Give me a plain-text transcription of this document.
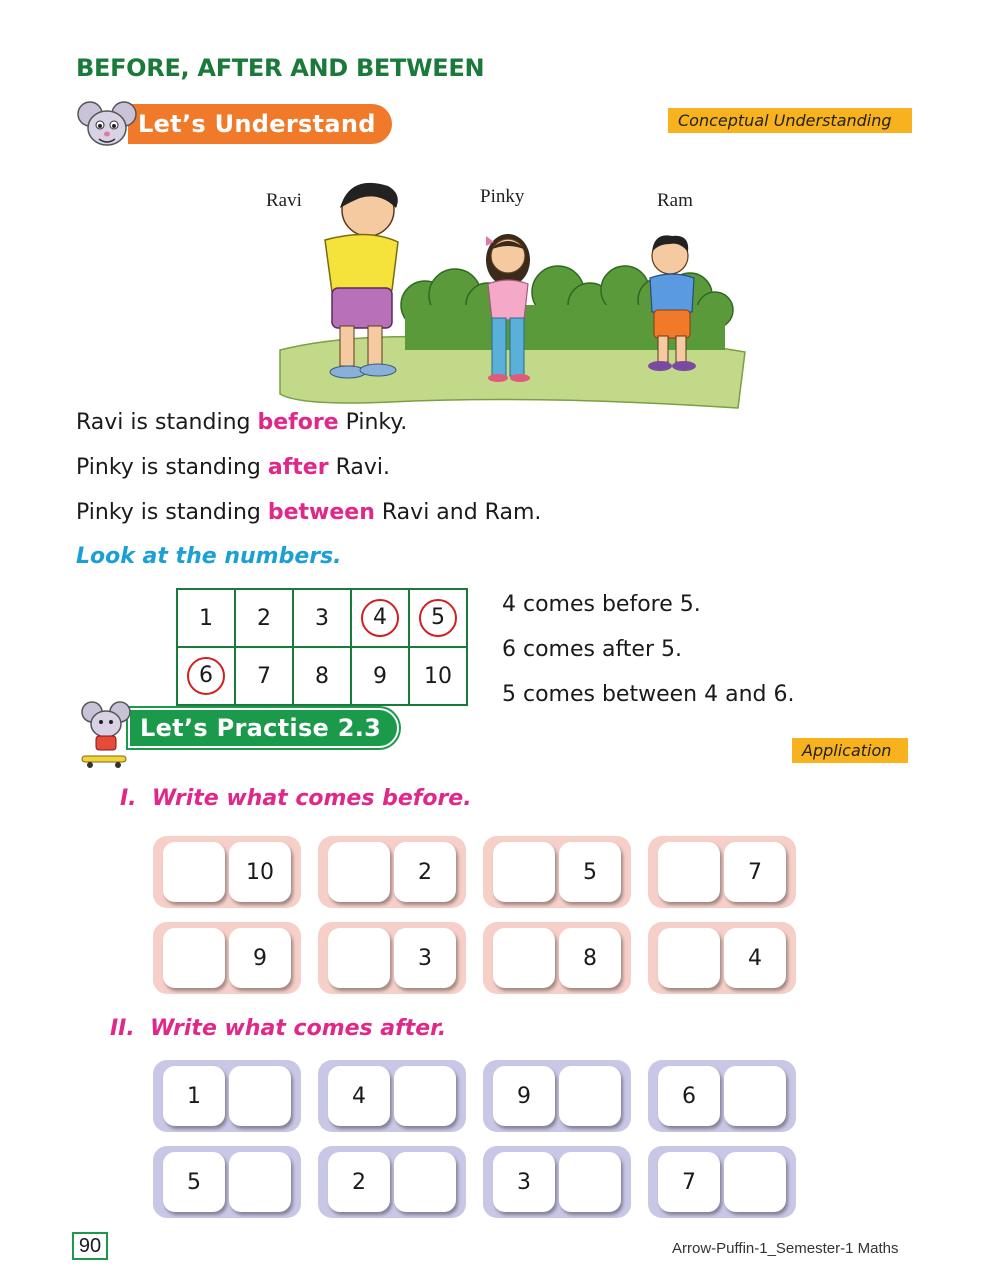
BEFORE, AFTER AND BETWEEN
Let’s Understand	Conceptual Understanding
Ravi	Pinky	Ram
Ravi is standing before Pinky.
Pinky is standing after Ravi.
Pinky is standing between Ravi and Ram.
Look at the numbers.
1	2	3	4	5
6	7	8	9	10
4 comes before 5.
6 comes after 5.
5 comes between 4 and 6.
Let’s Practise 2.3
Application
I. Write what comes before.
10	2	5	7
9	3	8	4
II. Write what comes after.
1	4	9	6
5	2	3	7
90	Arrow-Puffin-1_Semester-1 Maths
